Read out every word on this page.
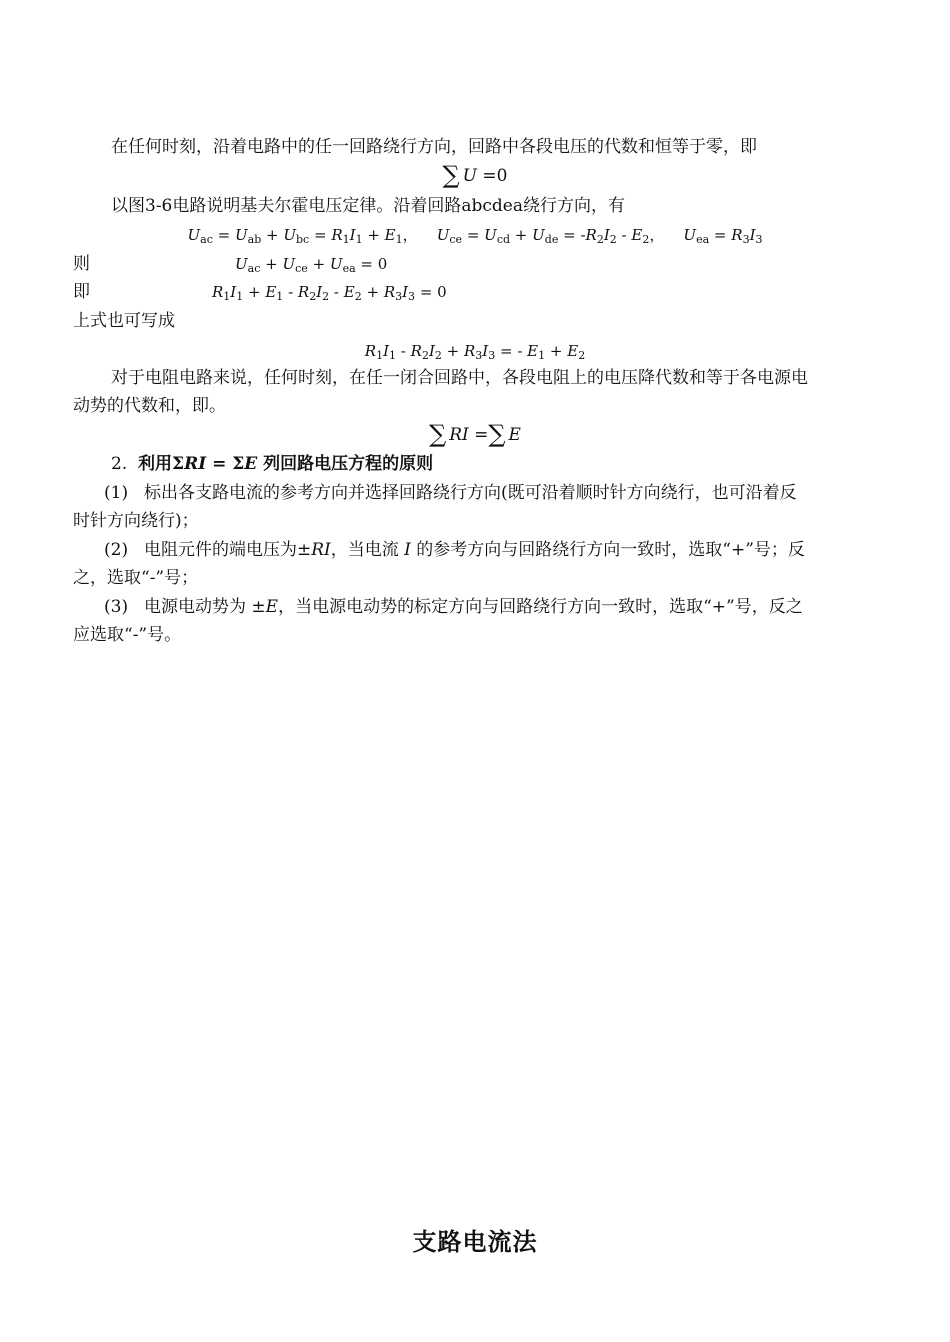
在任何时刻，沿着电路中的任一回路绕行方向，回路中各段电压的代数和恒等于零，即
∑ U =0
以图3-6电路说明基夫尔霍电压定律。沿着回路abcdea绕行方向，有
$U_{ac} = U_{ab} + U_{bc} = R_1I_1 + E_1$， $U_{ce} = U_{cd} + U_{de} = -R_2I_2 - E_2$， $U_{ea} = R_3I_3$
则	$U_{ac} + U_{ce} + U_{ea} = 0$
即	$R_1I_1 + E_1 - R_2I_2 - E_2 + R_3I_3 = 0$
上式也可写成
$R_1I_1 - R_2I_2 + R_3I_3$ = - $E_1 + E_2$
对于电阻电路来说，任何时刻，在任一闭合回路中，各段电阻上的电压降代数和等于各电源电
动势的代数和，即。
∑ RI =∑ E
2. 利用ΣRI = ΣE 列回路电压方程的原则
(1) 标出各支路电流的参考方向并选择回路绕行方向(既可沿着顺时针方向绕行，也可沿着反
时针方向绕行)；
(2) 电阻元件的端电压为±RI，当电流 I 的参考方向与回路绕行方向一致时，选取“+”号；反
之，选取“-”号；
(3) 电源电动势为 ±E，当电源电动势的标定方向与回路绕行方向一致时，选取“+”号，反之
应选取“-”号。
支路电流法
